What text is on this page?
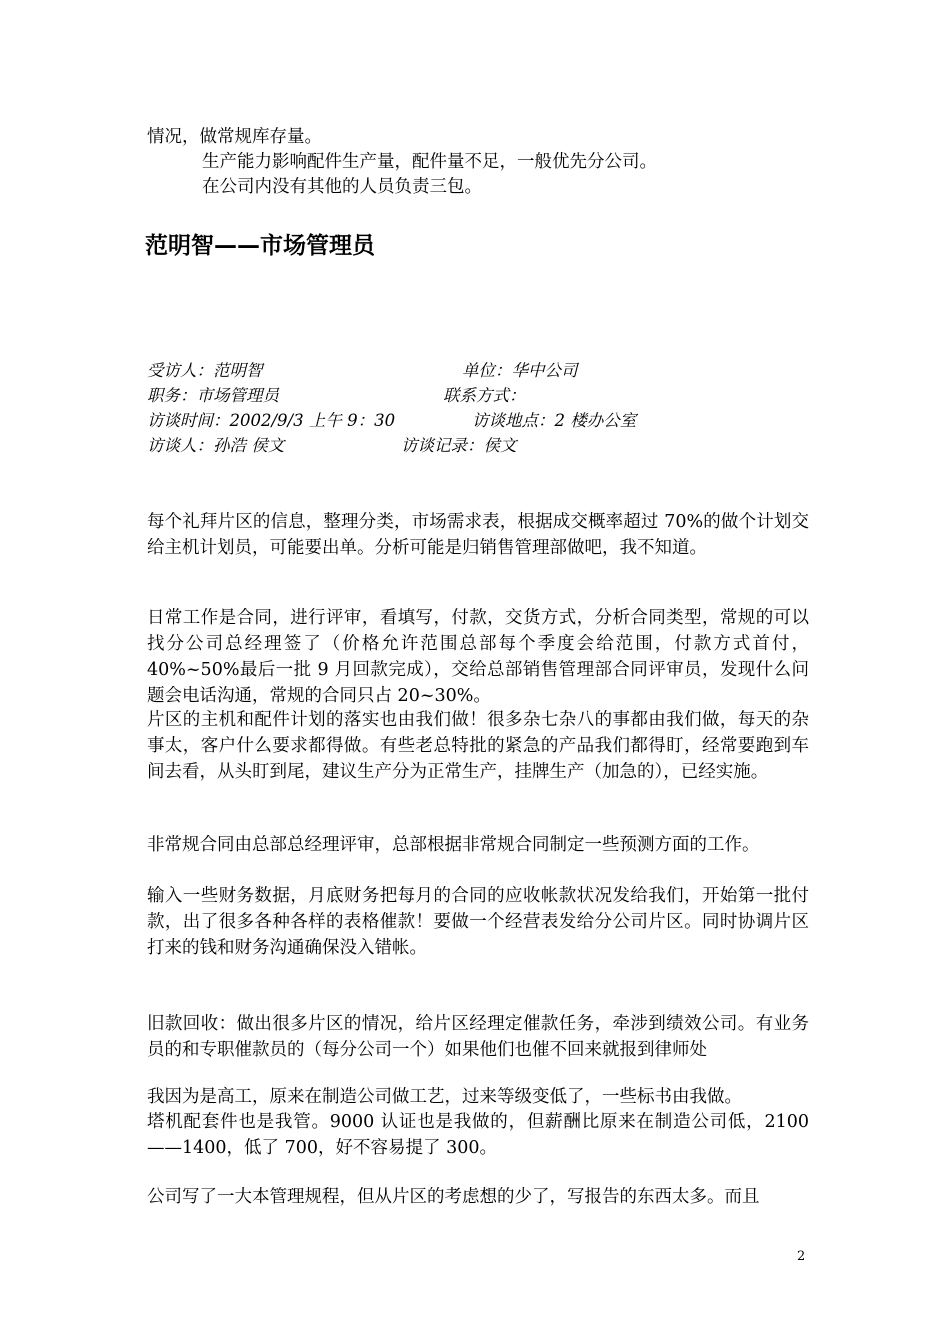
情况，做常规库存量。
生产能力影响配件生产量，配件量不足，一般优先分公司。
在公司内没有其他的人员负责三包。
范明智——市场管理员
受访人：范明智	单位：华中公司
职务：市场管理员	联系方式：
访谈时间：2002/9/3 上午 9：30	访谈地点：2 楼办公室
访谈人：孙浩 侯文	访谈记录：侯文

每个礼拜片区的信息，整理分类，市场需求表，根据成交概率超过 70%的做个计划交给主机计划员，可能要出单。分析可能是归销售管理部做吧，我不知道。

日常工作是合同，进行评审，看填写，付款，交货方式，分析合同类型，常规的可以找分公司总经理签了（价格允许范围总部每个季度会给范围，付款方式首付，40%~50%最后一批 9 月回款完成），交给总部销售管理部合同评审员，发现什么问题会电话沟通，常规的合同只占 20~30%。

片区的主机和配件计划的落实也由我们做！很多杂七杂八的事都由我们做，每天的杂事太，客户什么要求都得做。有些老总特批的紧急的产品我们都得盯，经常要跑到车间去看，从头盯到尾，建议生产分为正常生产，挂牌生产（加急的），已经实施。

非常规合同由总部总经理评审，总部根据非常规合同制定一些预测方面的工作。

输入一些财务数据，月底财务把每月的合同的应收帐款状况发给我们，开始第一批付款，出了很多各种各样的表格催款！要做一个经营表发给分公司片区。同时协调片区打来的钱和财务沟通确保没入错帐。

旧款回收：做出很多片区的情况，给片区经理定催款任务，牵涉到绩效公司。有业务员的和专职催款员的（每分公司一个）如果他们也催不回来就报到律师处

我因为是高工，原来在制造公司做工艺，过来等级变低了，一些标书由我做。

塔机配套件也是我管。9000 认证也是我做的，但薪酬比原来在制造公司低，2100——1400，低了 700，好不容易提了 300。

公司写了一大本管理规程，但从片区的考虑想的少了，写报告的东西太多。而且

2
